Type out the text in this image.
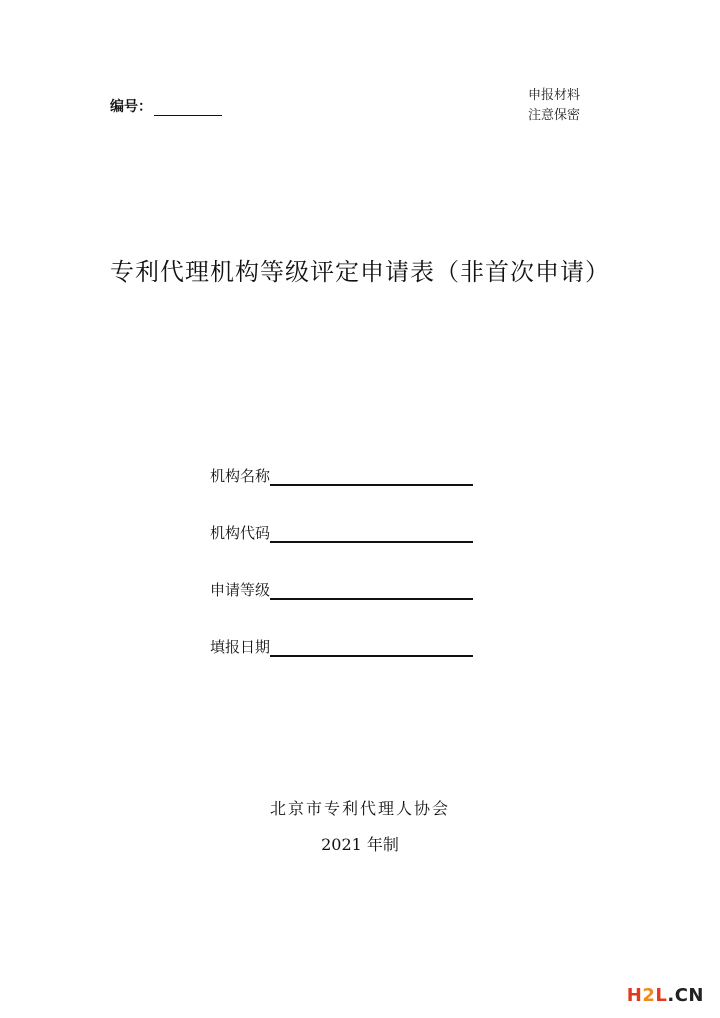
编号：
申报材料
注意保密
专利代理机构等级评定申请表（非首次申请）
机构名称
机构代码
申请等级
填报日期
北京市专利代理人协会
2021 年制
H2L.CN
